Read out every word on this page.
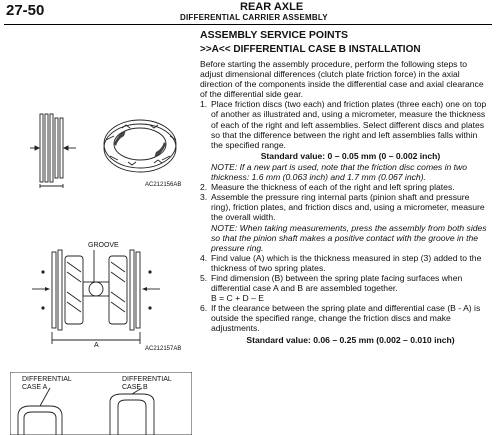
27-50	REAR AXLE
DIFFERENTIAL CARRIER ASSEMBLY
AC212156AB
GROOVE
A	AC212157AB
DIFFERENTIAL
CASE A
DIFFERENTIAL
CASE B
ASSEMBLY SERVICE POINTS
>>A<< DIFFERENTIAL CASE B INSTALLATION

Before starting the assembly procedure, perform the following steps to adjust dimensional differences (clutch plate friction force) in the axial direction of the components inside the differential case and axial clearance of the differential side gear.

1. Place friction discs (two each) and friction plates (three each) one on top of another as illustrated and, using a micrometer, measure the thickness of each of the right and left assemblies. Select different discs and plates so that the difference between the right and left assemblies falls within the specified range.
Standard value: 0 – 0.05 mm (0 – 0.002 inch)
NOTE: If a new part is used, note that the friction disc comes in two thickness: 1.6 mm (0.063 inch) and 1.7 mm (0.067 inch).
2. Measure the thickness of each of the right and left spring plates.
3. Assemble the pressure ring internal parts (pinion shaft and pressure ring), friction plates, and friction discs and, using a micrometer, measure the overall width.
NOTE: When taking measurements, press the assembly from both sides so that the pinion shaft makes a positive contact with the groove in the pressure ring.
4. Find value (A) which is the thickness measured in step (3) added to the thickness of two spring plates.
5. Find dimension (B) between the spring plate facing surfaces when differential case A and B are assembled together.
B = C + D – E
6. If the clearance between the spring plate and differential case (B - A) is outside the specified range, change the friction discs and make adjustments.
Standard value: 0.06 – 0.25 mm (0.002 – 0.010 inch)
